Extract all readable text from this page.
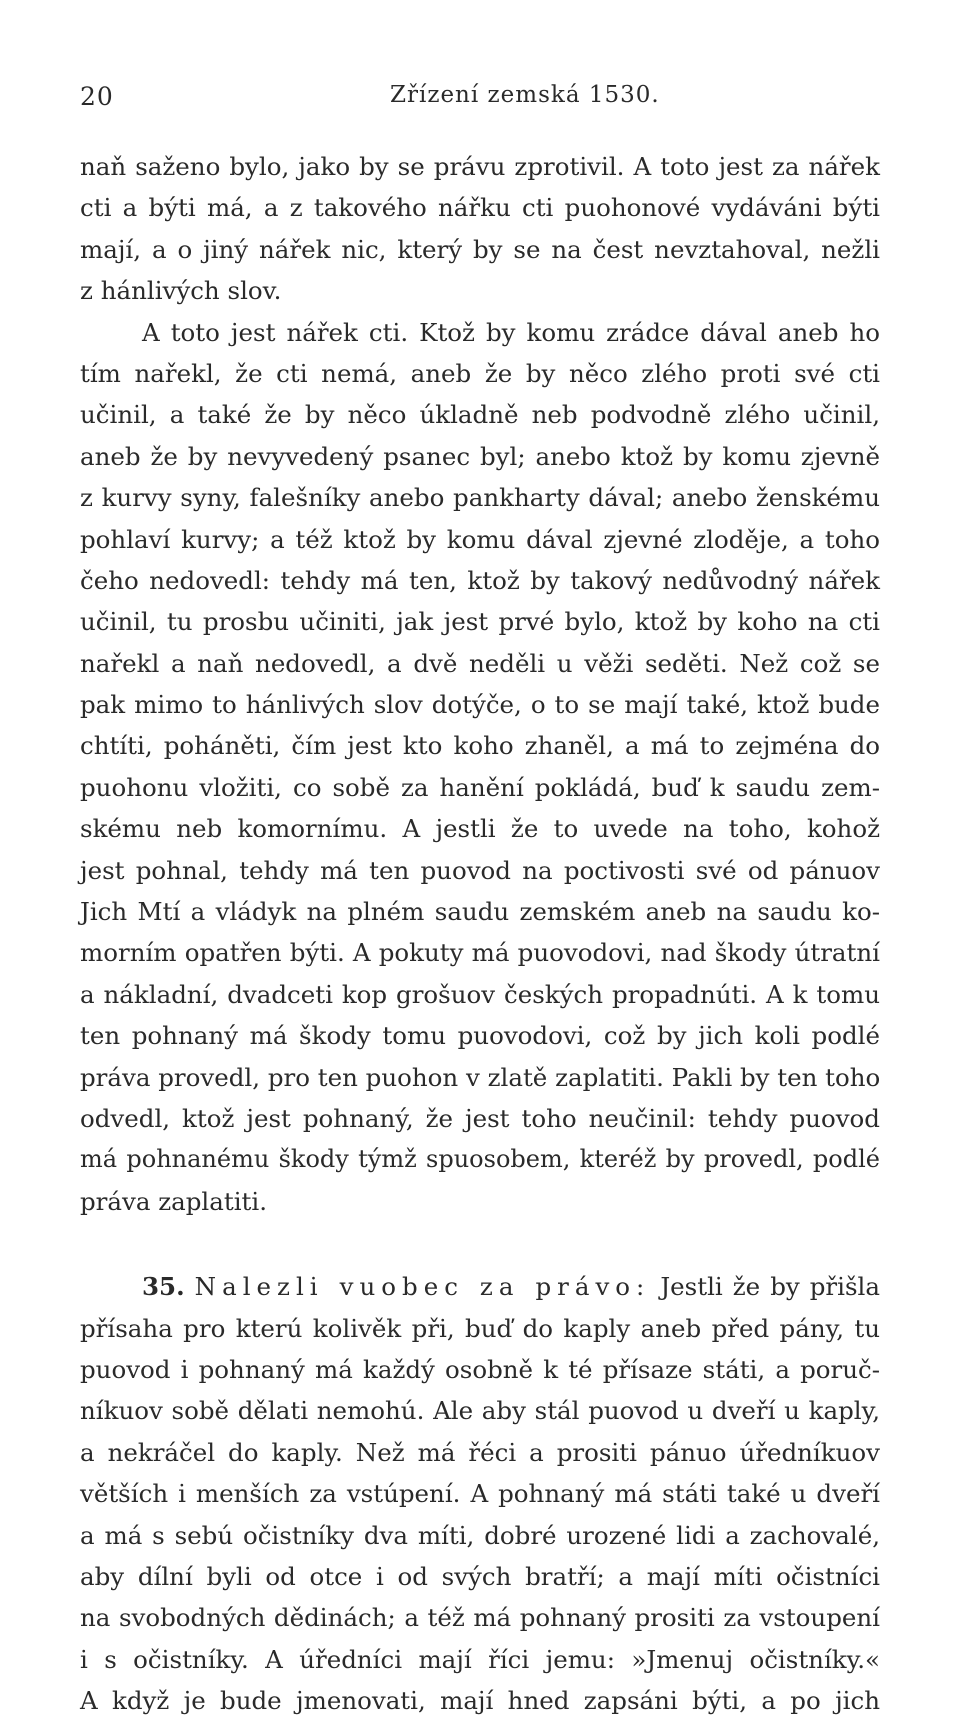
20	Zřízení zemská 1530.
naň saženo bylo, jako by se právu zprotivil. A toto jest za nářek
cti a býti má, a z takového nářku cti puohonové vydáváni býti
mají, a o jiný nářek nic, který by se na čest nevztahoval, nežli
z hánlivých slov.
A toto jest nářek cti. Ktož by komu zrádce dával aneb ho
tím nařekl, že cti nemá, aneb že by něco zlého proti své cti
učinil, a také že by něco úkladně neb podvodně zlého učinil,
aneb že by nevyvedený psanec byl; anebo ktož by komu zjevně
z kurvy syny, falešníky anebo pankharty dával; anebo ženskému
pohlaví kurvy; a též ktož by komu dával zjevné zloděje, a toho
čeho nedovedl: tehdy má ten, ktož by takový nedůvodný nářek
učinil, tu prosbu učiniti, jak jest prvé bylo, ktož by koho na cti
nařekl a naň nedovedl, a dvě neděli u věži seděti. Než což se
pak mimo to hánlivých slov dotýče, o to se mají také, ktož bude
chtíti, poháněti, čím jest kto koho zhaněl, a má to zejména do
puohonu vložiti, co sobě za hanění pokládá, buď k saudu zem-
skému neb komornímu. A jestli že to uvede na toho, kohož
jest pohnal, tehdy má ten puovod na poctivosti své od pánuov
Jich Mtí a vládyk na plném saudu zemském aneb na saudu ko-
morním opatřen býti. A pokuty má puovodovi, nad škody útratní
a nákladní, dvadceti kop grošuov českých propadnúti. A k tomu
ten pohnaný má škody tomu puovodovi, což by jich koli podlé
práva provedl, pro ten puohon v zlatě zaplatiti. Pakli by ten toho
odvedl, ktož jest pohnaný, že jest toho neučinil: tehdy puovod
má pohnanému škody týmž spuosobem, kteréž by provedl, podlé
práva zaplatiti.
35. Nalezli vuobec za právo: Jestli že by přišla
přísaha pro kterú kolivěk při, buď do kaply aneb před pány, tu
puovod i pohnaný má každý osobně k té přísaze státi, a poruč-
níkuov sobě dělati nemohú. Ale aby stál puovod u dveří u kaply,
a nekráčel do kaply. Než má řéci a prositi pánuo úředníkuov
větších i menších za vstúpení. A pohnaný má státi také u dveří
a má s sebú očistníky dva míti, dobré urozené lidi a zachovalé,
aby dílní byli od otce i od svých bratří; a mají míti očistníci
na svobodných dědinách; a též má pohnaný prositi za vstoupení
i s očistníky. A úředníci mají říci jemu: »Jmenuj očistníky.«
A když je bude jmenovati, mají hned zapsáni býti, a po jich
